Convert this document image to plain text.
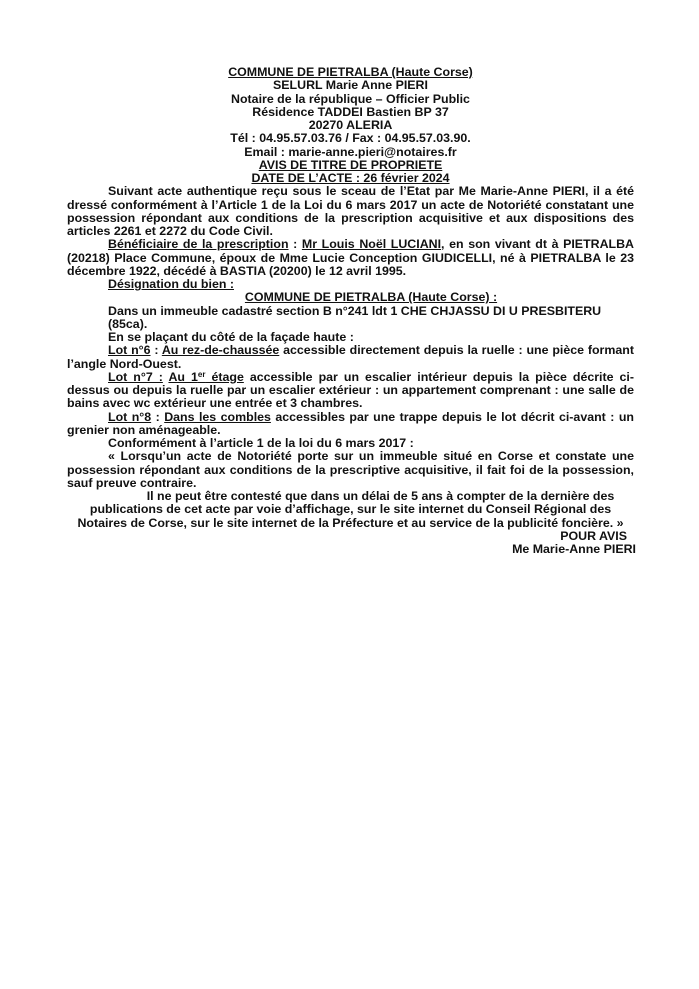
COMMUNE DE PIETRALBA (Haute Corse)
SELURL Marie Anne PIERI
Notaire de la république – Officier Public
Résidence TADDEI Bastien BP 37
20270 ALERIA
Tél : 04.95.57.03.76 / Fax : 04.95.57.03.90.
Email : marie-anne.pieri@notaires.fr
AVIS DE TITRE DE PROPRIETE
DATE DE L’ACTE : 26 février 2024

Suivant acte authentique reçu sous le sceau de l’Etat par Me Marie-Anne PIERI, il a été dressé conformément à l’Article 1 de la Loi du 6 mars 2017 un acte de Notoriété constatant une possession répondant aux conditions de la prescription acquisitive et aux dispositions des articles 2261 et 2272 du Code Civil.

Bénéficiaire de la prescription : Mr Louis Noël LUCIANI, en son vivant dt à PIETRALBA (20218) Place Commune, époux de Mme Lucie Conception GIUDICELLI, né à PIETRALBA le 23 décembre 1922, décédé à BASTIA (20200) le 12 avril 1995.

Désignation du bien :
COMMUNE DE PIETRALBA (Haute Corse) :
Dans un immeuble cadastré section B n°241 ldt 1 CHE CHJASSU DI U PRESBITERU (85ca).
En se plaçant du côté de la façade haute :

Lot n°6 : Au rez-de-chaussée accessible directement depuis la ruelle : une pièce formant l’angle Nord-Ouest.

Lot n°7 : Au 1er étage accessible par un escalier intérieur depuis la pièce décrite ci-dessus ou depuis la ruelle par un escalier extérieur : un appartement comprenant : une salle de bains avec wc extérieur une entrée et 3 chambres.

Lot n°8 : Dans les combles accessibles par une trappe depuis le lot décrit ci-avant : un grenier non aménageable.

Conformément à l’article 1 de la loi du 6 mars 2017 :

« Lorsqu’un acte de Notoriété porte sur un immeuble situé en Corse et constate une possession répondant aux conditions de la prescriptive acquisitive, il fait foi de la possession, sauf preuve contraire.

Il ne peut être contesté que dans un délai de 5 ans à compter de la dernière des publications de cet acte par voie d’affichage, sur le site internet du Conseil Régional des Notaires de Corse, sur le site internet de la Préfecture et au service de la publicité foncière. »

POUR AVIS
Me Marie-Anne PIERI
